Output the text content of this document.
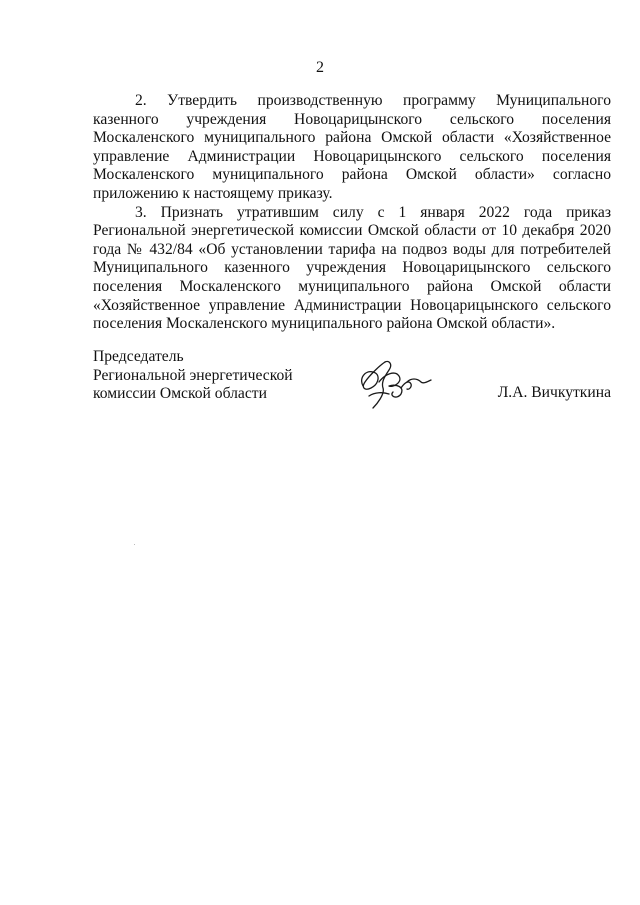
2

2. Утвердить производственную программу Муниципального казенного учреждения Новоцарицынского сельского поселения Москаленского муниципального района Омской области «Хозяйственное управление Администрации Новоцарицынского сельского поселения Москаленского муниципального района Омской области» согласно приложению к настоящему приказу.

3. Признать утратившим силу с 1 января 2022 года приказ Региональной энергетической комиссии Омской области от 10 декабря 2020 года № 432/84 «Об установлении тарифа на подвоз воды для потребителей Муниципального казенного учреждения Новоцарицынского сельского поселения Москаленского муниципального района Омской области «Хозяйственное управление Администрации Новоцарицынского сельского поселения Москаленского муниципального района Омской области».

Председатель
Региональной энергетической
комиссии Омской области	Л.А. Вичкуткина
